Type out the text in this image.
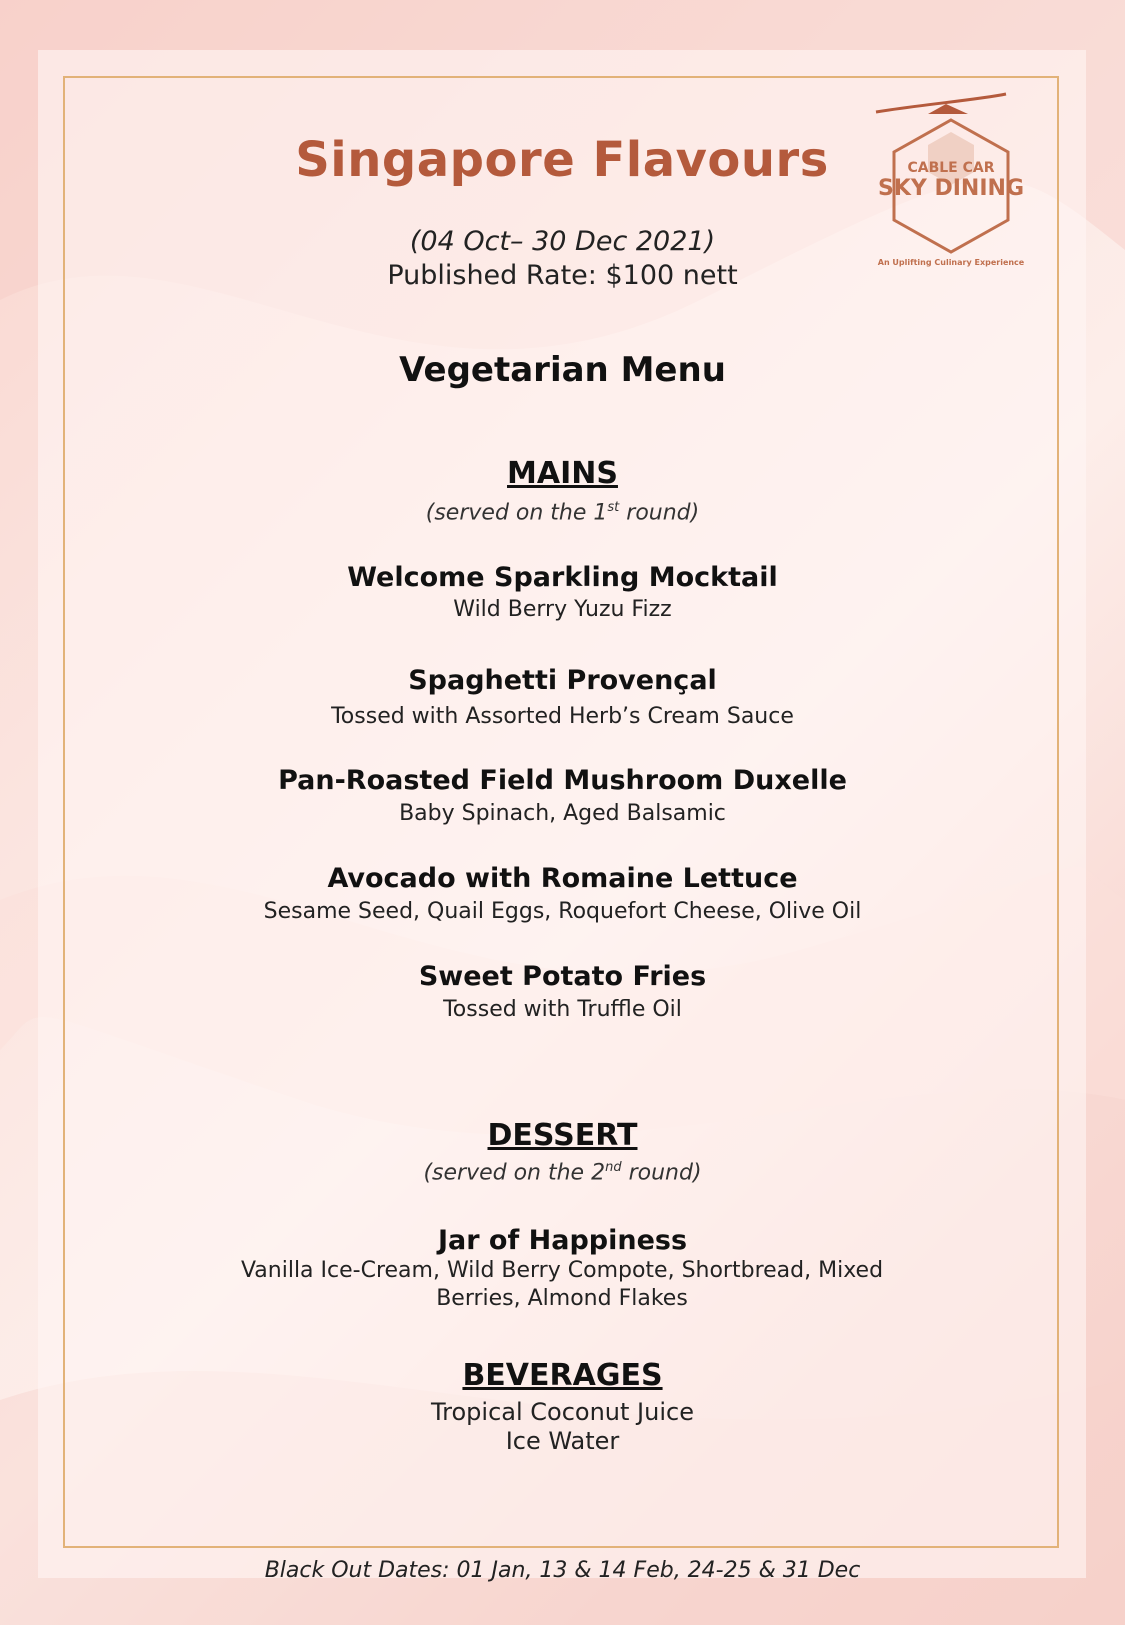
Singapore Flavours	CABLE CAR
SKY DINING
An Uplifting Culinary Experience
(04 Oct– 30 Dec 2021)
Published Rate: $100 nett
Vegetarian Menu
MAINS
(served on the 1st round)
Welcome Sparkling Mocktail
Wild Berry Yuzu Fizz
Spaghetti Provençal
Tossed with Assorted Herb’s Cream Sauce
Pan-Roasted Field Mushroom Duxelle
Baby Spinach, Aged Balsamic
Avocado with Romaine Lettuce
Sesame Seed, Quail Eggs, Roquefort Cheese, Olive Oil
Sweet Potato Fries
Tossed with Truffle Oil
DESSERT
(served on the 2nd round)
Jar of Happiness
Vanilla Ice-Cream, Wild Berry Compote, Shortbread, Mixed Berries, Almond Flakes
BEVERAGES
Tropical Coconut Juice
Ice Water
Black Out Dates: 01 Jan, 13 & 14 Feb, 24-25 & 31 Dec
